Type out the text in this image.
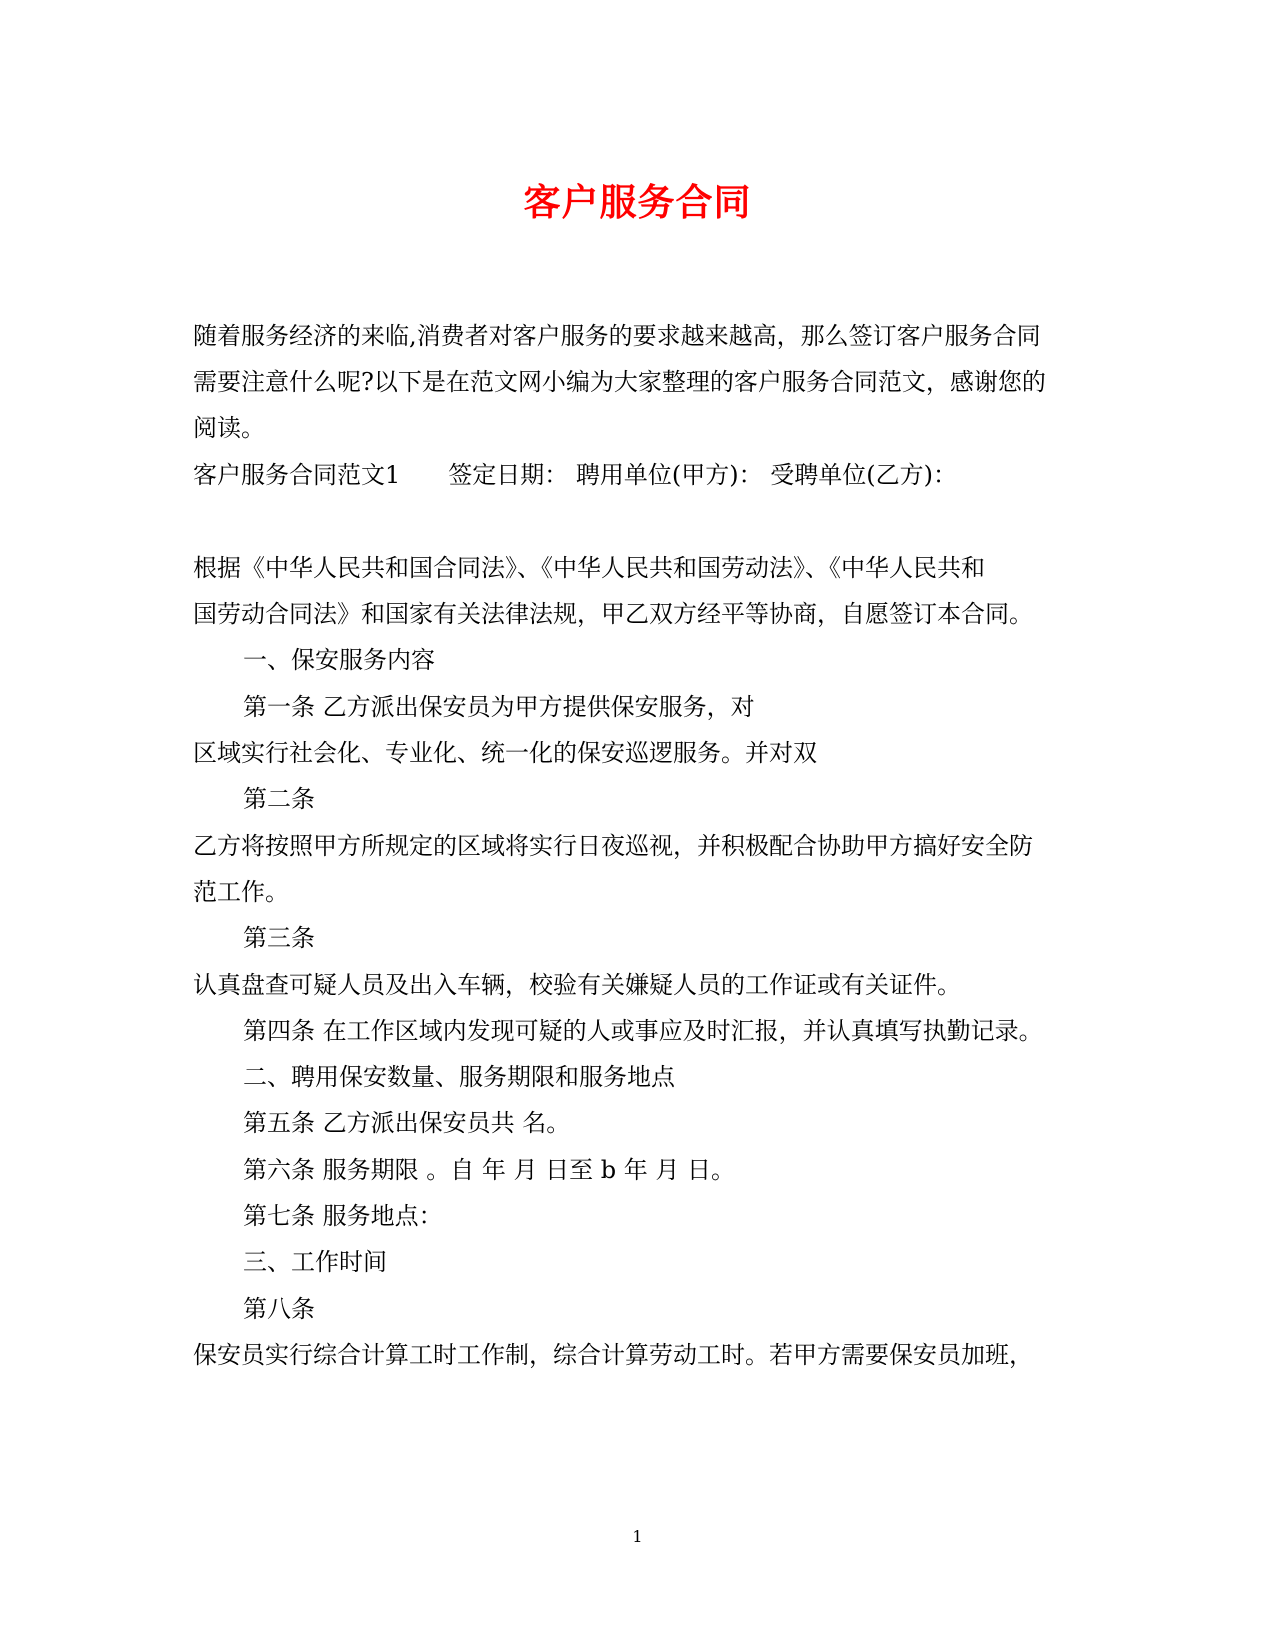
客户服务合同
随着服务经济的来临,消费者对客户服务的要求越来越高，那么签订客户服务合同
需要注意什么呢?以下是在范文网小编为大家整理的客户服务合同范文，感谢您的
阅读。
客户服务合同范文1　　签定日期： 聘用单位(甲方)： 受聘单位(乙方)：
根据《中华人民共和国合同法》、《中华人民共和国劳动法》、《中华人民共和
国劳动合同法》和国家有关法律法规，甲乙双方经平等协商，自愿签订本合同。
一、保安服务内容
第一条 乙方派出保安员为甲方提供保安服务，对
区域实行社会化、专业化、统一化的保安巡逻服务。并对双
第二条
乙方将按照甲方所规定的区域将实行日夜巡视，并积极配合协助甲方搞好安全防
范工作。
第三条
认真盘查可疑人员及出入车辆，校验有关嫌疑人员的工作证或有关证件。
第四条 在工作区域内发现可疑的人或事应及时汇报，并认真填写执勤记录。
二、聘用保安数量、服务期限和服务地点
第五条 乙方派出保安员共 名。
第六条 服务期限 。自 年 月 日至 b 年 月 日。
第七条 服务地点：
三、工作时间
第八条
保安员实行综合计算工时工作制，综合计算劳动工时。若甲方需要保安员加班，
1
